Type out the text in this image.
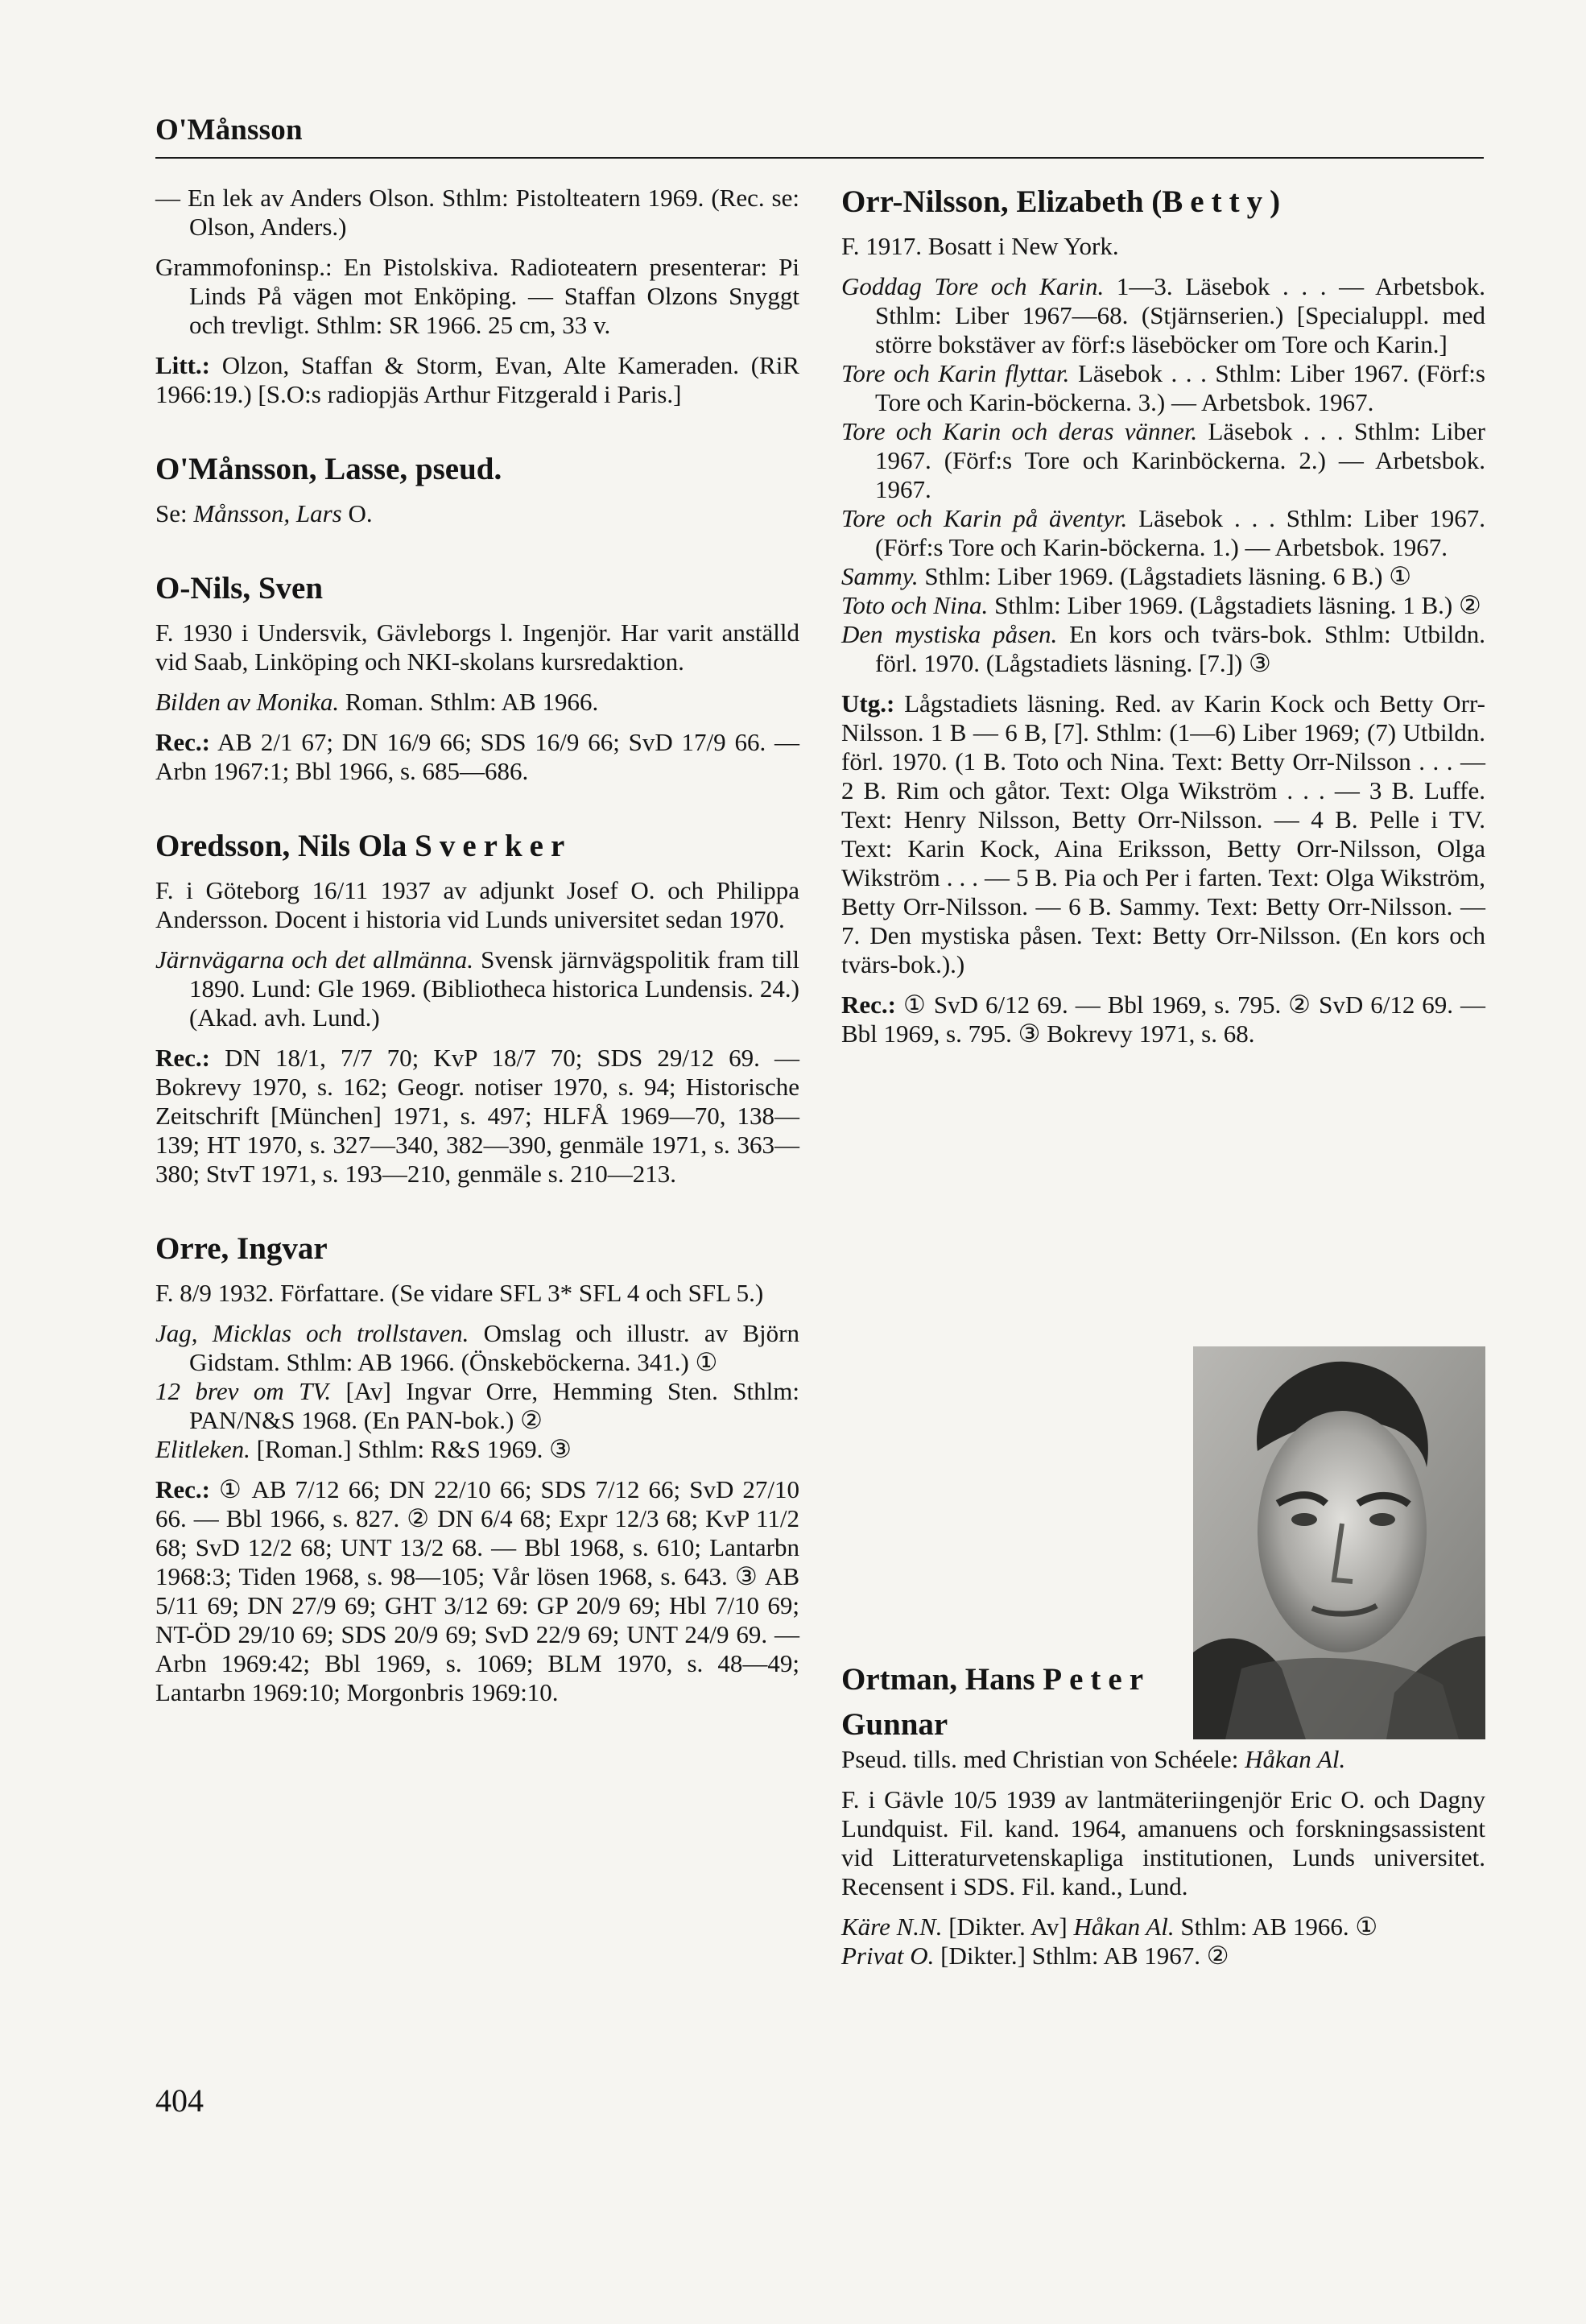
O'Månsson

— En lek av Anders Olson. Sthlm: Pistolteatern 1969. (Rec. se: Olson, Anders.)

Grammofoninsp.: En Pistolskiva. Radioteatern presenterar: Pi Linds På vägen mot Enköping. — Staffan Olzons Snyggt och trevligt. Sthlm: SR 1966. 25 cm, 33 v.

Litt.: Olzon, Staffan & Storm, Evan, Alte Kameraden. (RiR 1966:19.) [S.O:s radiopjäs Arthur Fitzgerald i Paris.]

O'Månsson, Lasse, pseud.

Se: Månsson, Lars O.

O-Nils, Sven

F. 1930 i Undersvik, Gävleborgs l. Ingenjör. Har varit anställd vid Saab, Linköping och NKI-skolans kursredaktion.

Bilden av Monika. Roman. Sthlm: AB 1966.

Rec.: AB 2/1 67; DN 16/9 66; SDS 16/9 66; SvD 17/9 66. — Arbn 1967:1; Bbl 1966, s. 685—686.

Oredsson, Nils Ola Sverker

F. i Göteborg 16/11 1937 av adjunkt Josef O. och Philippa Andersson. Docent i historia vid Lunds universitet sedan 1970.

Järnvägarna och det allmänna. Svensk järnvägspolitik fram till 1890. Lund: Gle 1969. (Bibliotheca historica Lundensis. 24.) (Akad. avh. Lund.)

Rec.: DN 18/1, 7/7 70; KvP 18/7 70; SDS 29/12 69. — Bokrevy 1970, s. 162; Geogr. notiser 1970, s. 94; Historische Zeitschrift [München] 1971, s. 497; HLFÅ 1969—70, 138—139; HT 1970, s. 327—340, 382—390, genmäle 1971, s. 363—380; StvT 1971, s. 193—210, genmäle s. 210—213.

Orre, Ingvar

F. 8/9 1932. Författare. (Se vidare SFL 3* SFL 4 och SFL 5.)

Jag, Micklas och trollstaven. Omslag och illustr. av Björn Gidstam. Sthlm: AB 1966. (Önskeböckerna. 341.) ①

12 brev om TV. [Av] Ingvar Orre, Hemming Sten. Sthlm: PAN/N&S 1968. (En PAN-bok.) ②

Elitleken. [Roman.] Sthlm: R&S 1969. ③

Rec.: ① AB 7/12 66; DN 22/10 66; SDS 7/12 66; SvD 27/10 66. — Bbl 1966, s. 827. ② DN 6/4 68; Expr 12/3 68; KvP 11/2 68; SvD 12/2 68; UNT 13/2 68. — Bbl 1968, s. 610; Lantarbn 1968:3; Tiden 1968, s. 98—105; Vår lösen 1968, s. 643. ③ AB 5/11 69; DN 27/9 69; GHT 3/12 69: GP 20/9 69; Hbl 7/10 69; NT-ÖD 29/10 69; SDS 20/9 69; SvD 22/9 69; UNT 24/9 69. — Arbn 1969:42; Bbl 1969, s. 1069; BLM 1970, s. 48—49; Lantarbn 1969:10; Morgonbris 1969:10.

Orr-Nilsson, Elizabeth (Betty)

F. 1917. Bosatt i New York.

Goddag Tore och Karin. 1—3. Läsebok . . . — Arbetsbok. Sthlm: Liber 1967—68. (Stjärnserien.) [Specialuppl. med större bokstäver av förf:s läseböcker om Tore och Karin.]

Tore och Karin flyttar. Läsebok . . . Sthlm: Liber 1967. (Förf:s Tore och Karin-böckerna. 3.) — Arbetsbok. 1967.

Tore och Karin och deras vänner. Läsebok . . . Sthlm: Liber 1967. (Förf:s Tore och Karinböckerna. 2.) — Arbetsbok. 1967.

Tore och Karin på äventyr. Läsebok . . . Sthlm: Liber 1967. (Förf:s Tore och Karin-böckerna. 1.) — Arbetsbok. 1967.

Sammy. Sthlm: Liber 1969. (Lågstadiets läsning. 6 B.) ①

Toto och Nina. Sthlm: Liber 1969. (Lågstadiets läsning. 1 B.) ②

Den mystiska påsen. En kors och tvärs-bok. Sthlm: Utbildn. förl. 1970. (Lågstadiets läsning. [7.]) ③

Utg.: Lågstadiets läsning. Red. av Karin Kock och Betty Orr-Nilsson. 1 B — 6 B, [7]. Sthlm: (1—6) Liber 1969; (7) Utbildn. förl. 1970. (1 B. Toto och Nina. Text: Betty Orr-Nilsson . . . — 2 B. Rim och gåtor. Text: Olga Wikström . . . — 3 B. Luffe. Text: Henry Nilsson, Betty Orr-Nilsson. — 4 B. Pelle i TV. Text: Karin Kock, Aina Eriksson, Betty Orr-Nilsson, Olga Wikström . . . — 5 B. Pia och Per i farten. Text: Olga Wikström, Betty Orr-Nilsson. — 6 B. Sammy. Text: Betty Orr-Nilsson. — 7. Den mystiska påsen. Text: Betty Orr-Nilsson. (En kors och tvärs-bok.).)

Rec.: ① SvD 6/12 69. — Bbl 1969, s. 795. ② SvD 6/12 69. — Bbl 1969, s. 795. ③ Bokrevy 1971, s. 68.

Ortman, Hans Peter
Gunnar

Pseud. tills. med Christian von Schéele: Håkan Al.

F. i Gävle 10/5 1939 av lantmäteriingenjör Eric O. och Dagny Lundquist. Fil. kand. 1964, amanuens och forskningsassistent vid Litteraturvetenskapliga institutionen, Lunds universitet. Recensent i SDS. Fil. kand., Lund.

Käre N.N. [Dikter. Av] Håkan Al. Sthlm: AB 1966. ①

Privat O. [Dikter.] Sthlm: AB 1967. ②

404
